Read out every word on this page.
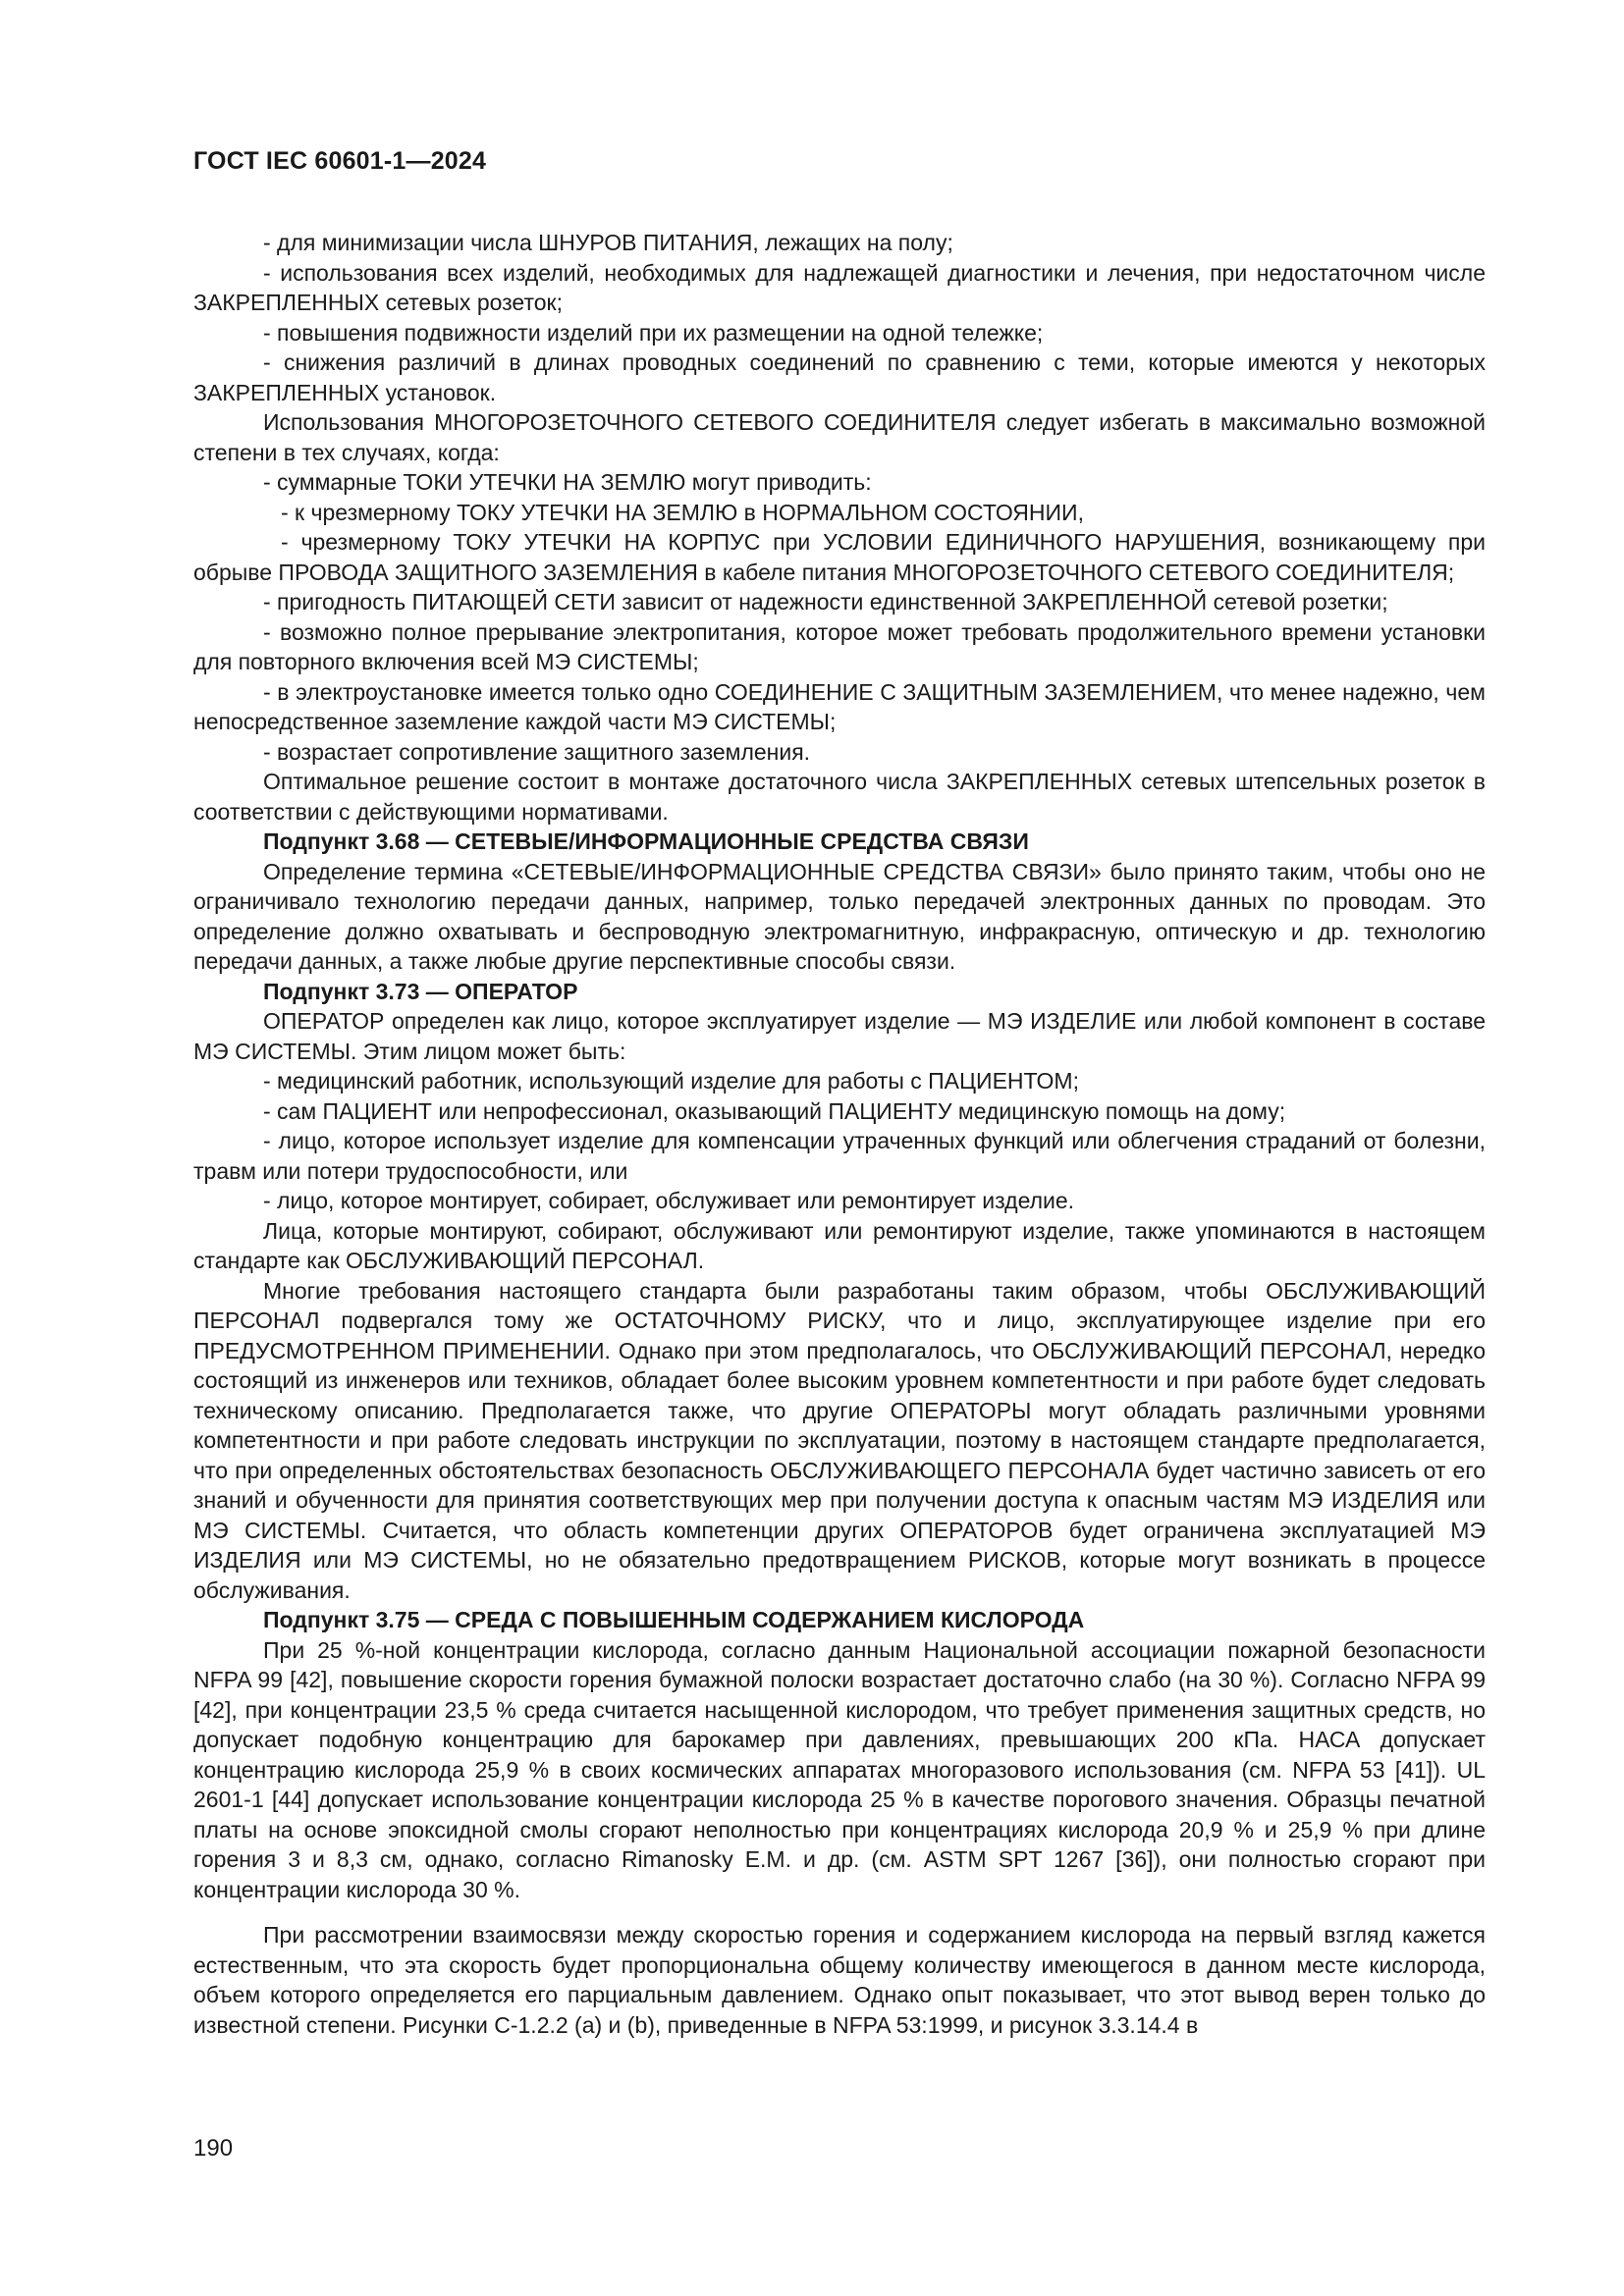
ГОСТ IEC 60601-1—2024

- для минимизации числа ШНУРОВ ПИТАНИЯ, лежащих на полу;

- использования всех изделий, необходимых для надлежащей диагностики и лечения, при недостаточном числе ЗАКРЕПЛЕННЫХ сетевых розеток;

- повышения подвижности изделий при их размещении на одной тележке;

- снижения различий в длинах проводных соединений по сравнению с теми, которые имеются у некоторых ЗАКРЕПЛЕННЫХ установок.

Использования МНОГОРОЗЕТОЧНОГО СЕТЕВОГО СОЕДИНИТЕЛЯ следует избегать в максимально возможной степени в тех случаях, когда:

- суммарные ТОКИ УТЕЧКИ НА ЗЕМЛЮ могут приводить:

- к чрезмерному ТОКУ УТЕЧКИ НА ЗЕМЛЮ в НОРМАЛЬНОМ СОСТОЯНИИ,

- чрезмерному ТОКУ УТЕЧКИ НА КОРПУС при УСЛОВИИ ЕДИНИЧНОГО НАРУШЕНИЯ, возникающему при обрыве ПРОВОДА ЗАЩИТНОГО ЗАЗЕМЛЕНИЯ в кабеле питания МНОГОРОЗЕТОЧНОГО СЕТЕВОГО СОЕДИНИТЕЛЯ;

- пригодность ПИТАЮЩЕЙ СЕТИ зависит от надежности единственной ЗАКРЕПЛЕННОЙ сетевой розетки;

- возможно полное прерывание электропитания, которое может требовать продолжительного времени установки для повторного включения всей МЭ СИСТЕМЫ;

- в электроустановке имеется только одно СОЕДИНЕНИЕ С ЗАЩИТНЫМ ЗАЗЕМЛЕНИЕМ, что менее надежно, чем непосредственное заземление каждой части МЭ СИСТЕМЫ;

- возрастает сопротивление защитного заземления.

Оптимальное решение состоит в монтаже достаточного числа ЗАКРЕПЛЕННЫХ сетевых штепсельных розеток в соответствии с действующими нормативами.

Подпункт 3.68 — СЕТЕВЫЕ/ИНФОРМАЦИОННЫЕ СРЕДСТВА СВЯЗИ

Определение термина «СЕТЕВЫЕ/ИНФОРМАЦИОННЫЕ СРЕДСТВА СВЯЗИ» было принято таким, чтобы оно не ограничивало технологию передачи данных, например, только передачей электронных данных по проводам. Это определение должно охватывать и беспроводную электромагнитную, инфракрасную, оптическую и др. технологию передачи данных, а также любые другие перспективные способы связи.

Подпункт 3.73 — ОПЕРАТОР

ОПЕРАТОР определен как лицо, которое эксплуатирует изделие — МЭ ИЗДЕЛИЕ или любой компонент в составе МЭ СИСТЕМЫ. Этим лицом может быть:

- медицинский работник, использующий изделие для работы с ПАЦИЕНТОМ;

- сам ПАЦИЕНТ или непрофессионал, оказывающий ПАЦИЕНТУ медицинскую помощь на дому;

- лицо, которое использует изделие для компенсации утраченных функций или облегчения страданий от болезни, травм или потери трудоспособности, или

- лицо, которое монтирует, собирает, обслуживает или ремонтирует изделие.

Лица, которые монтируют, собирают, обслуживают или ремонтируют изделие, также упоминаются в настоящем стандарте как ОБСЛУЖИВАЮЩИЙ ПЕРСОНАЛ.

Многие требования настоящего стандарта были разработаны таким образом, чтобы ОБСЛУЖИВАЮЩИЙ ПЕРСОНАЛ подвергался тому же ОСТАТОЧНОМУ РИСКУ, что и лицо, эксплуатирующее изделие при его ПРЕДУСМОТРЕННОМ ПРИМЕНЕНИИ. Однако при этом предполагалось, что ОБСЛУЖИВАЮЩИЙ ПЕРСОНАЛ, нередко состоящий из инженеров или техников, обладает более высоким уровнем компетентности и при работе будет следовать техническому описанию. Предполагается также, что другие ОПЕРАТОРЫ могут обладать различными уровнями компетентности и при работе следовать инструкции по эксплуатации, поэтому в настоящем стандарте предполагается, что при определенных обстоятельствах безопасность ОБСЛУЖИВАЮЩЕГО ПЕРСОНАЛА будет частично зависеть от его знаний и обученности для принятия соответствующих мер при получении доступа к опасным частям МЭ ИЗДЕЛИЯ или МЭ СИСТЕМЫ. Считается, что область компетенции других ОПЕРАТОРОВ будет ограничена эксплуатацией МЭ ИЗДЕЛИЯ или МЭ СИСТЕМЫ, но не обязательно предотвращением РИСКОВ, которые могут возникать в процессе обслуживания.

Подпункт 3.75 — СРЕДА С ПОВЫШЕННЫМ СОДЕРЖАНИЕМ КИСЛОРОДА

При 25 %-ной концентрации кислорода, согласно данным Национальной ассоциации пожарной безопасности NFPA 99 [42], повышение скорости горения бумажной полоски возрастает достаточно слабо (на 30 %). Согласно NFPA 99 [42], при концентрации 23,5 % среда считается насыщенной кислородом, что требует применения защитных средств, но допускает подобную концентрацию для барокамер при давлениях, превышающих 200 кПа. НАСА допускает концентрацию кислорода 25,9 % в своих космических аппаратах многоразового использования (см. NFPA 53 [41]). UL 2601-1 [44] допускает использование концентрации кислорода 25 % в качестве порогового значения. Образцы печатной платы на основе эпоксидной смолы сгорают неполностью при концентрациях кислорода 20,9 % и 25,9 % при длине горения 3 и 8,3 см, однако, согласно Rimanosky E.M. и др. (см. ASTM SPT 1267 [36]), они полностью сгорают при концентрации кислорода 30 %.

При рассмотрении взаимосвязи между скоростью горения и содержанием кислорода на первый взгляд кажется естественным, что эта скорость будет пропорциональна общему количеству имеющегося в данном месте кислорода, объем которого определяется его парциальным давлением. Однако опыт показывает, что этот вывод верен только до известной степени. Рисунки С-1.2.2 (a) и (b), приведенные в NFPA 53:1999, и рисунок 3.3.14.4 в

190
